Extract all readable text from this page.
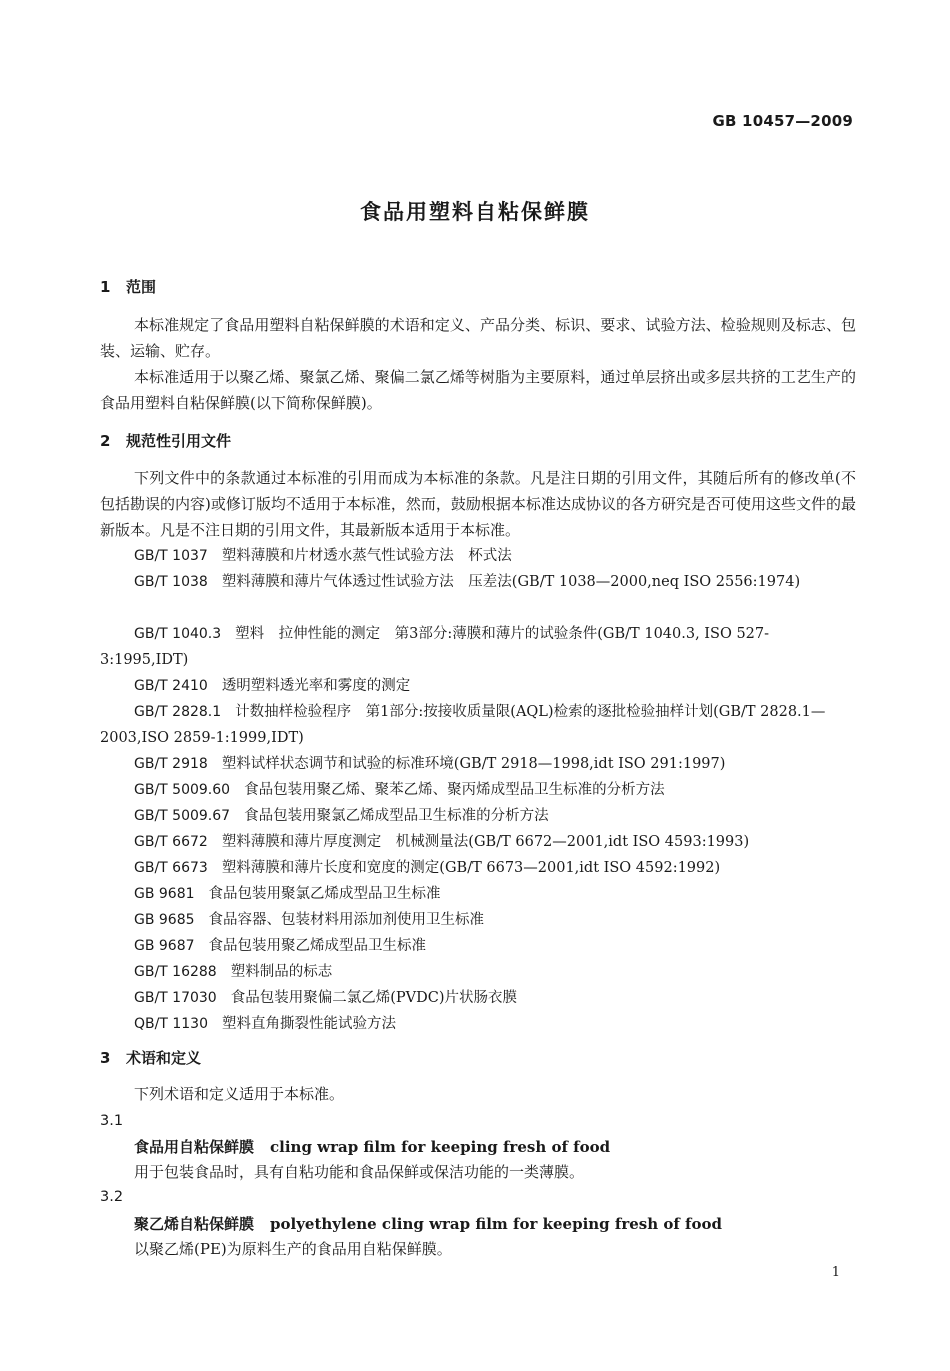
GB 10457—2009
食品用塑料自粘保鲜膜
1 范围
本标准规定了食品用塑料自粘保鲜膜的术语和定义、产品分类、标识、要求、试验方法、检验规则及标志、包装、运输、贮存。
本标准适用于以聚乙烯、聚氯乙烯、聚偏二氯乙烯等树脂为主要原料，通过单层挤出或多层共挤的工艺生产的食品用塑料自粘保鲜膜(以下简称保鲜膜)。
2 规范性引用文件
下列文件中的条款通过本标准的引用而成为本标准的条款。凡是注日期的引用文件，其随后所有的修改单(不包括勘误的内容)或修订版均不适用于本标准，然而，鼓励根据本标准达成协议的各方研究是否可使用这些文件的最新版本。凡是不注日期的引用文件，其最新版本适用于本标准。
GB/T 1037 塑料薄膜和片材透水蒸气性试验方法　杯式法
GB/T 1038 塑料薄膜和薄片气体透过性试验方法　压差法(GB/T 1038—2000,neq ISO 2556:1974)
GB/T 1040.3 塑料　拉伸性能的测定　第3部分:薄膜和薄片的试验条件(GB/T 1040.3, ISO 527-3:1995,IDT)
GB/T 2410 透明塑料透光率和雾度的测定
GB/T 2828.1 计数抽样检验程序　第1部分:按接收质量限(AQL)检索的逐批检验抽样计划(GB/T 2828.1—2003,ISO 2859-1:1999,IDT)
GB/T 2918 塑料试样状态调节和试验的标准环境(GB/T 2918—1998,idt ISO 291:1997)
GB/T 5009.60 食品包装用聚乙烯、聚苯乙烯、聚丙烯成型品卫生标准的分析方法
GB/T 5009.67 食品包装用聚氯乙烯成型品卫生标准的分析方法
GB/T 6672 塑料薄膜和薄片厚度测定　机械测量法(GB/T 6672—2001,idt ISO 4593:1993)
GB/T 6673 塑料薄膜和薄片长度和宽度的测定(GB/T 6673—2001,idt ISO 4592:1992)
GB 9681 食品包装用聚氯乙烯成型品卫生标准
GB 9685 食品容器、包装材料用添加剂使用卫生标准
GB 9687 食品包装用聚乙烯成型品卫生标准
GB/T 16288 塑料制品的标志
GB/T 17030 食品包装用聚偏二氯乙烯(PVDC)片状肠衣膜
QB/T 1130 塑料直角撕裂性能试验方法
3 术语和定义
下列术语和定义适用于本标准。
3.1
食品用自粘保鲜膜 cling wrap film for keeping fresh of food
用于包装食品时，具有自粘功能和食品保鲜或保洁功能的一类薄膜。
3.2
聚乙烯自粘保鲜膜 polyethylene cling wrap film for keeping fresh of food
以聚乙烯(PE)为原料生产的食品用自粘保鲜膜。
1
